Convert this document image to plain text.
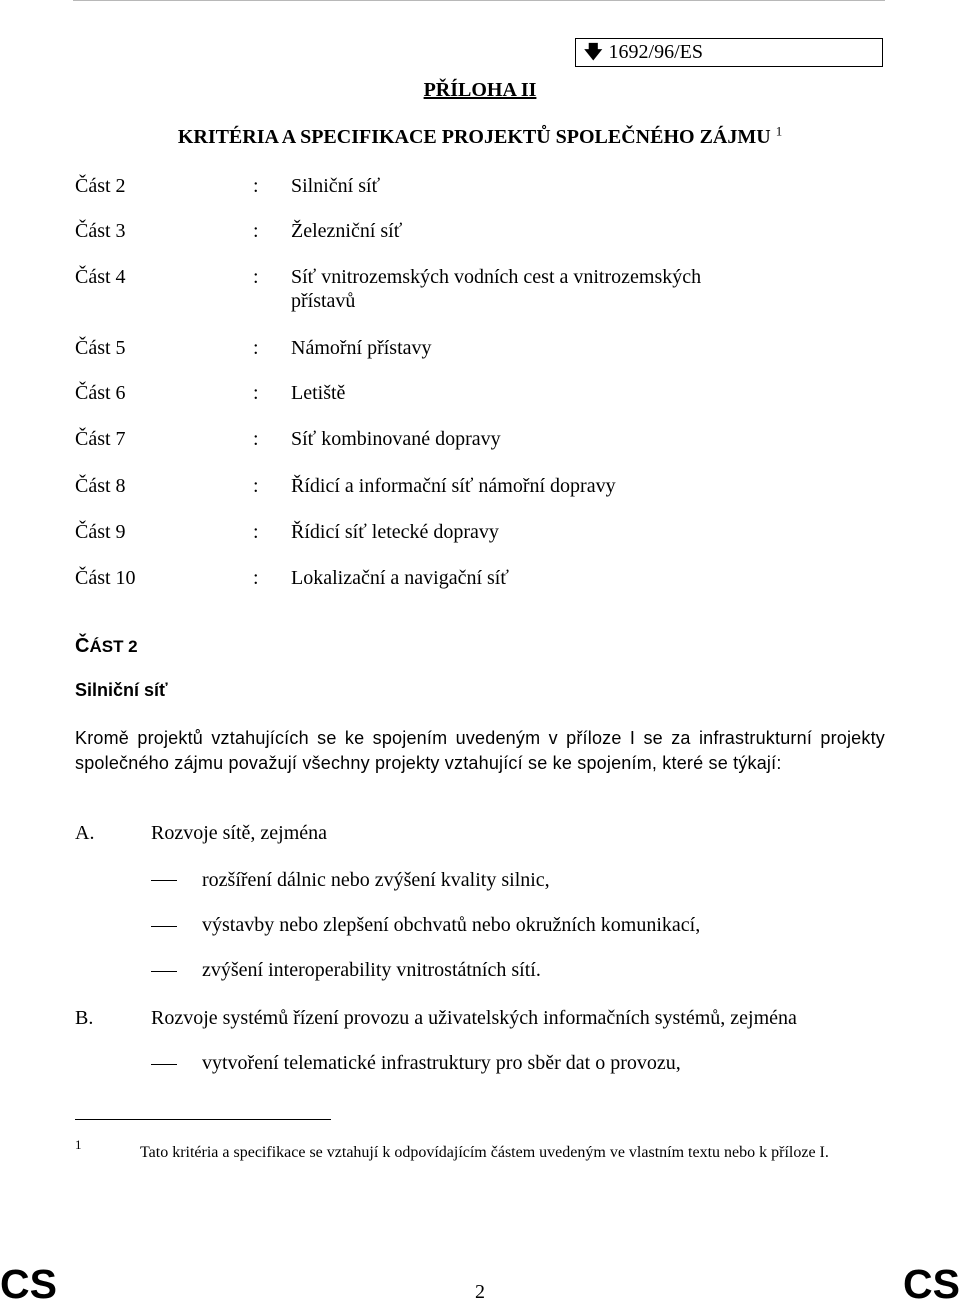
🡇 1692/96/ES
PŘÍLOHA II
KRITÉRIA A SPECIFIKACE PROJEKTŮ SPOLEČNÉHO ZÁJMU $^1$
Část 2	: Silniční síť
Část 3	: Železniční síť
Část 4	: Síť vnitrozemských vodních cest a vnitrozemských přístavů
Část 5	: Námořní přístavy
Část 6	: Letiště
Část 7	: Síť kombinované dopravy
Část 8	: Řídicí a informační síť námořní dopravy
Část 9	: Řídicí síť letecké dopravy
Část 10	: Lokalizační a navigační síť
ČÁST 2
Silniční síť
Kromě projektů vztahujících se ke spojením uvedeným v příloze I se za infrastrukturní projekty společného zájmu považují všechny projekty vztahující se ke spojením, které se týkají:
A.	Rozvoje sítě, zejména
rozšíření dálnic nebo zvýšení kvality silnic,
výstavby nebo zlepšení obchvatů nebo okružních komunikací,
zvýšení interoperability vnitrostátních sítí.
B.	Rozvoje systémů řízení provozu a uživatelských informačních systémů, zejména
vytvoření telematické infrastruktury pro sběr dat o provozu,
1	Tato kritéria a specifikace se vztahují k odpovídajícím částem uvedeným ve vlastním textu nebo k příloze I.
CS	2	CS
